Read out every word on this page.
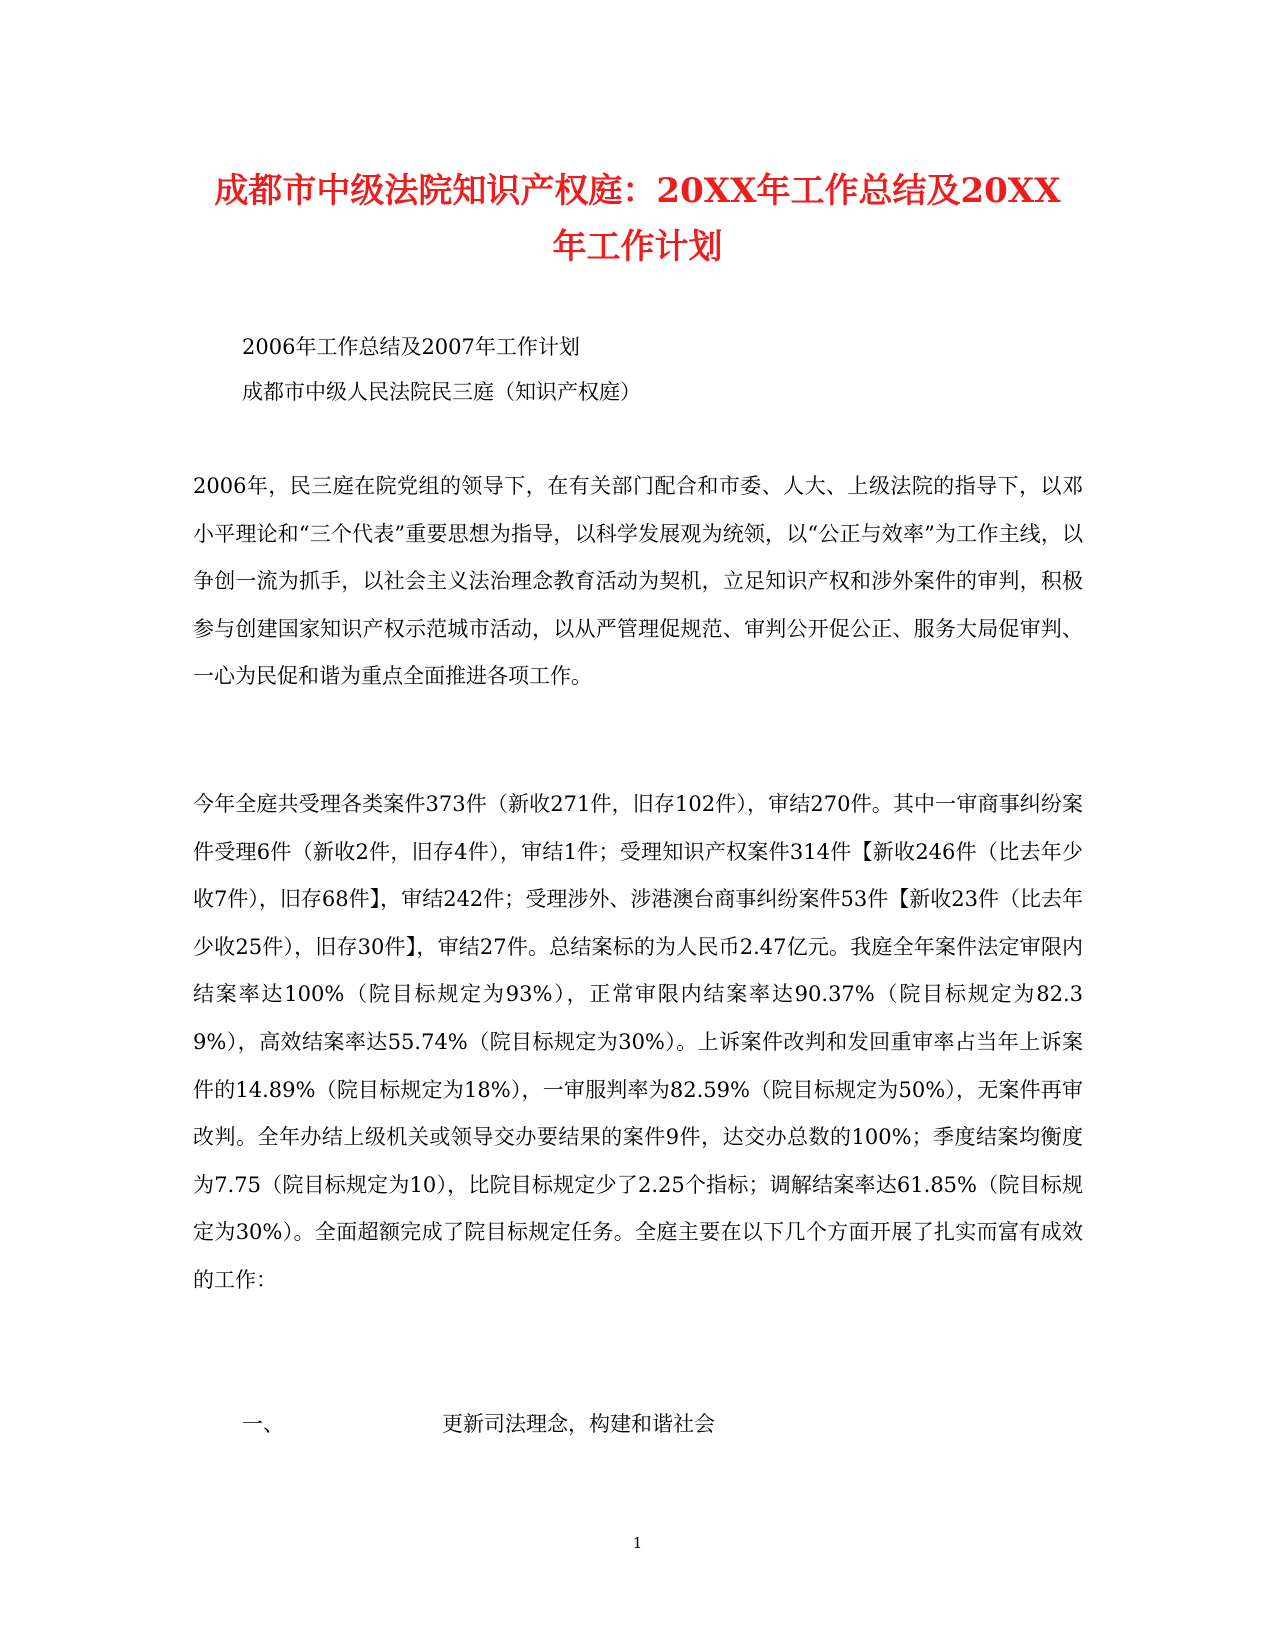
成都市中级法院知识产权庭：20XX年工作总结及20XX
年工作计划
2006年工作总结及2007年工作计划
成都市中级人民法院民三庭（知识产权庭）

2006年，民三庭在院党组的领导下，在有关部门配合和市委、人大、上级法院的指导下，以邓小平理论和“三个代表”重要思想为指导，以科学发展观为统领，以“公正与效率”为工作主线，以争创一流为抓手，以社会主义法治理念教育活动为契机，立足知识产权和涉外案件的审判，积极参与创建国家知识产权示范城市活动，以从严管理促规范、审判公开促公正、服务大局促审判、一心为民促和谐为重点全面推进各项工作。

今年全庭共受理各类案件373件（新收271件，旧存102件），审结270件。其中一审商事纠纷案件受理6件（新收2件，旧存4件），审结1件；受理知识产权案件314件【新收246件（比去年少收7件），旧存68件】，审结242件；受理涉外、涉港澳台商事纠纷案件53件【新收23件（比去年少收25件），旧存30件】，审结27件。总结案标的为人民币2.47亿元。我庭全年案件法定审限内结案率达100%（院目标规定为93%），正常审限内结案率达90.37%（院目标规定为82.39%），高效结案率达55.74%（院目标规定为30%）。上诉案件改判和发回重审率占当年上诉案件的14.89%（院目标规定为18%），一审服判率为82.59%（院目标规定为50%），无案件再审改判。全年办结上级机关或领导交办要结果的案件9件，达交办总数的100%；季度结案均衡度为7.75（院目标规定为10），比院目标规定少了2.25个指标；调解结案率达61.85%（院目标规定为30%）。全面超额完成了院目标规定任务。全庭主要在以下几个方面开展了扎实而富有成效的工作：

一、	更新司法理念，构建和谐社会
1
